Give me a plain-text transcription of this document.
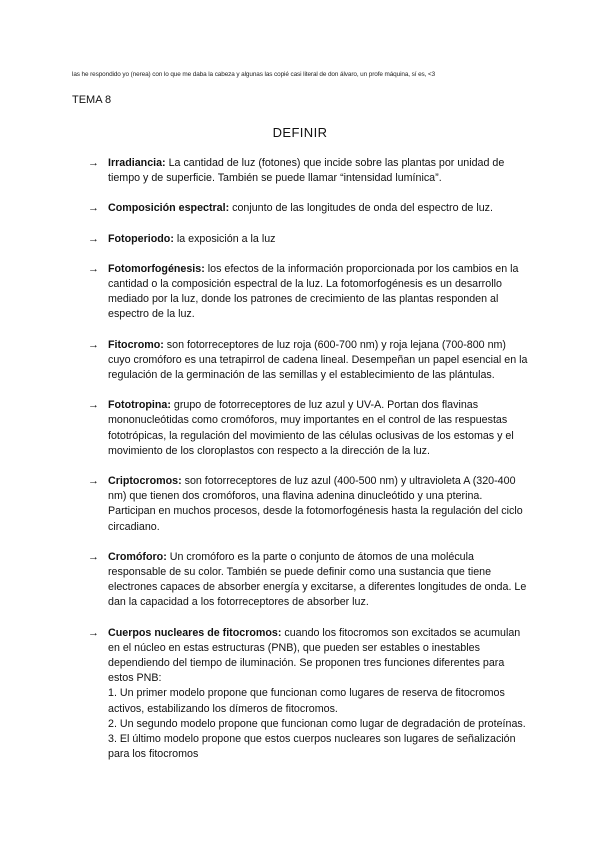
las he respondido yo (nerea) con lo que me daba la cabeza y algunas las copié casi literal de don álvaro, un profe máquina, sí es, <3
TEMA 8
DEFINIR
→ Irradiancia: La cantidad de luz (fotones) que incide sobre las plantas por unidad de tiempo y de superficie. También se puede llamar “intensidad lumínica”.
→ Composición espectral: conjunto de las longitudes de onda del espectro de luz.
→ Fotoperiodo: la exposición a la luz
→ Fotomorfogénesis: los efectos de la información proporcionada por los cambios en la cantidad o la composición espectral de la luz. La fotomorfogénesis es un desarrollo mediado por la luz, donde los patrones de crecimiento de las plantas responden al espectro de la luz.
→ Fitocromo: son fotorreceptores de luz roja (600-700 nm) y roja lejana (700-800 nm) cuyo cromóforo es una tetrapirrol de cadena lineal. Desempeñan un papel esencial en la regulación de la germinación de las semillas y el establecimiento de las plántulas.
→ Fototropina: grupo de fotorreceptores de luz azul y UV-A. Portan dos flavinas mononucleótidas como cromóforos, muy importantes en el control de las respuestas fototrópicas, la regulación del movimiento de las células oclusivas de los estomas y el movimiento de los cloroplastos con respecto a la dirección de la luz.
→ Criptocromos: son fotorreceptores de luz azul (400-500 nm) y ultravioleta A (320-400 nm) que tienen dos cromóforos, una flavina adenina dinucleótido y una pterina. Participan en muchos procesos, desde la fotomorfogénesis hasta la regulación del ciclo circadiano.
→ Cromóforo: Un cromóforo es la parte o conjunto de átomos de una molécula responsable de su color. También se puede definir como una sustancia que tiene electrones capaces de absorber energía y excitarse, a diferentes longitudes de onda. Le dan la capacidad a los fotorreceptores de absorber luz.
→ Cuerpos nucleares de fitocromos: cuando los fitocromos son excitados se acumulan en el núcleo en estas estructuras (PNB), que pueden ser estables o inestables dependiendo del tiempo de iluminación. Se proponen tres funciones diferentes para estos PNB:
1. Un primer modelo propone que funcionan como lugares de reserva de fitocromos activos, estabilizando los dímeros de fitocromos.
2. Un segundo modelo propone que funcionan como lugar de degradación de proteínas.
3. El último modelo propone que estos cuerpos nucleares son lugares de señalización para los fitocromos
